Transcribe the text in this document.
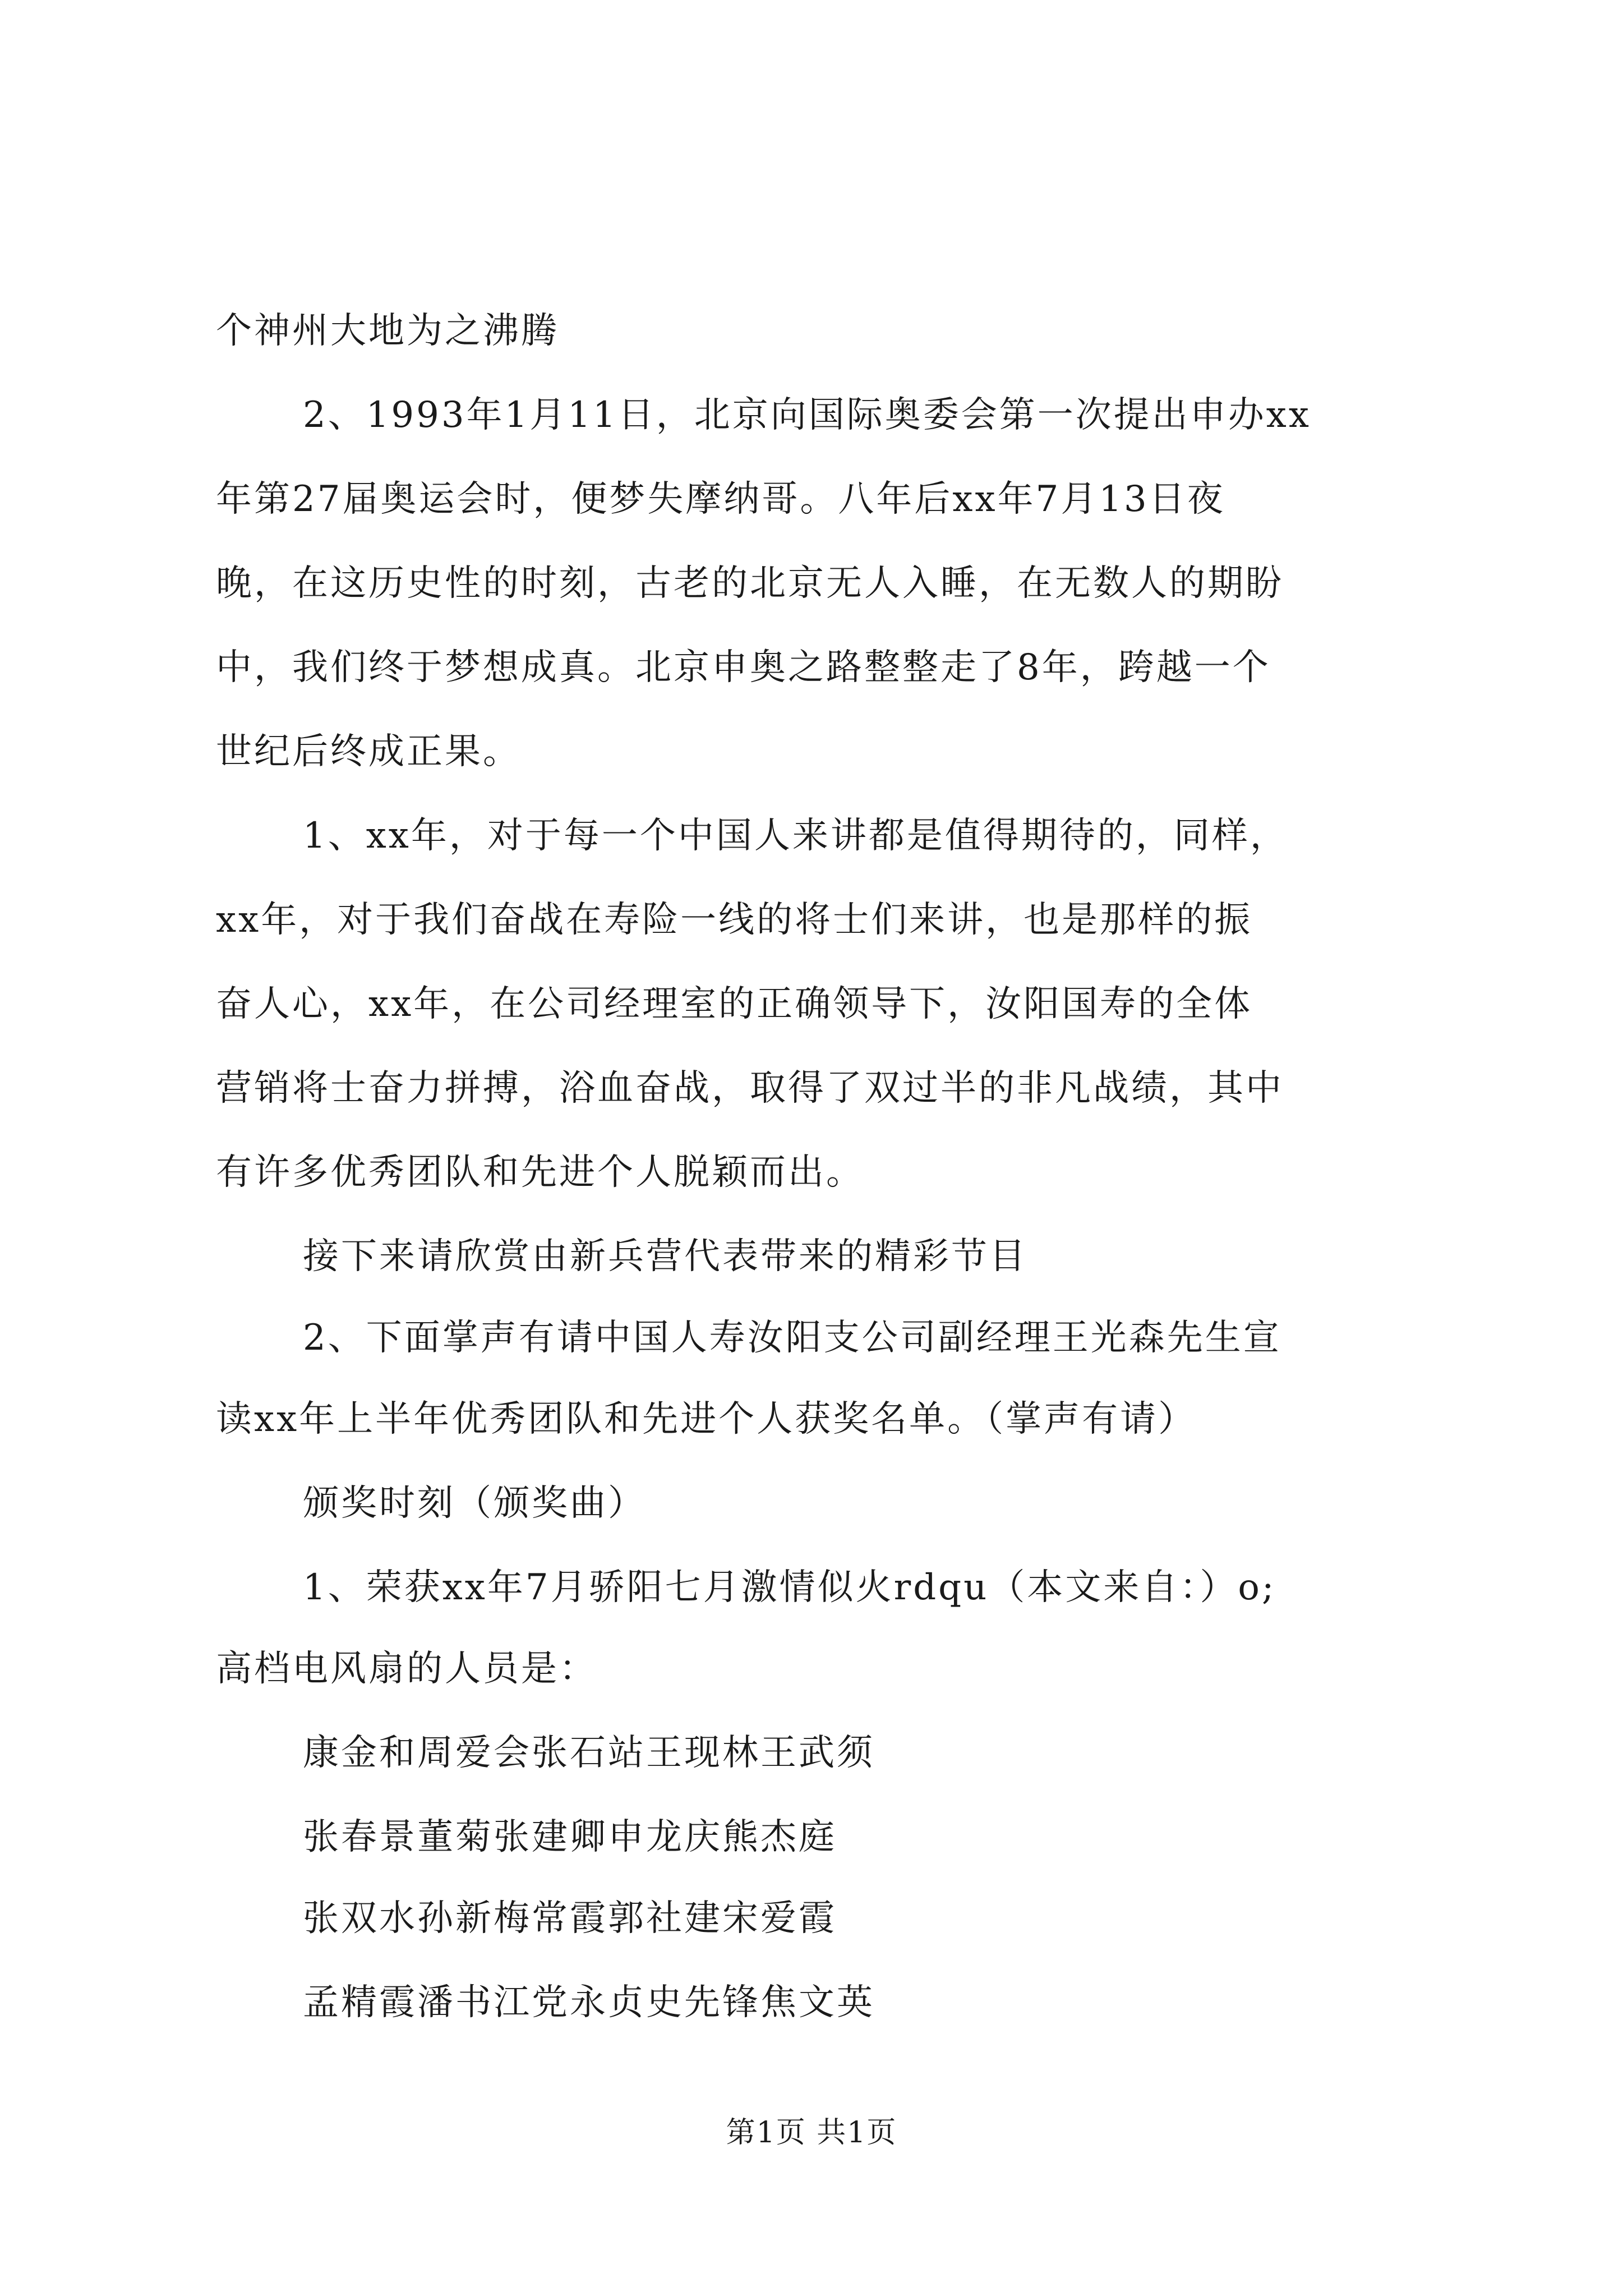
个神州大地为之沸腾
2、1993年1月11日，北京向国际奥委会第一次提出申办xx
年第27届奥运会时，便梦失摩纳哥。八年后xx年7月13日夜
晚，在这历史性的时刻，古老的北京无人入睡，在无数人的期盼
中，我们终于梦想成真。北京申奥之路整整走了8年，跨越一个
世纪后终成正果。
1、xx年，对于每一个中国人来讲都是值得期待的，同样，
xx年，对于我们奋战在寿险一线的将士们来讲，也是那样的振
奋人心，xx年，在公司经理室的正确领导下，汝阳国寿的全体
营销将士奋力拼搏，浴血奋战，取得了双过半的非凡战绩，其中
有许多优秀团队和先进个人脱颖而出。
接下来请欣赏由新兵营代表带来的精彩节目
2、下面掌声有请中国人寿汝阳支公司副经理王光森先生宣
读xx年上半年优秀团队和先进个人获奖名单。（掌声有请）
颁奖时刻（颁奖曲）
1、荣获xx年7月骄阳七月激情似火rdqu（本文来自：）o;
高档电风扇的人员是：
康金和周爱会张石站王现林王武须
张春景董菊张建卿申龙庆熊杰庭
张双水孙新梅常霞郭社建宋爱霞
孟精霞潘书江党永贞史先锋焦文英
第1页 共1页
